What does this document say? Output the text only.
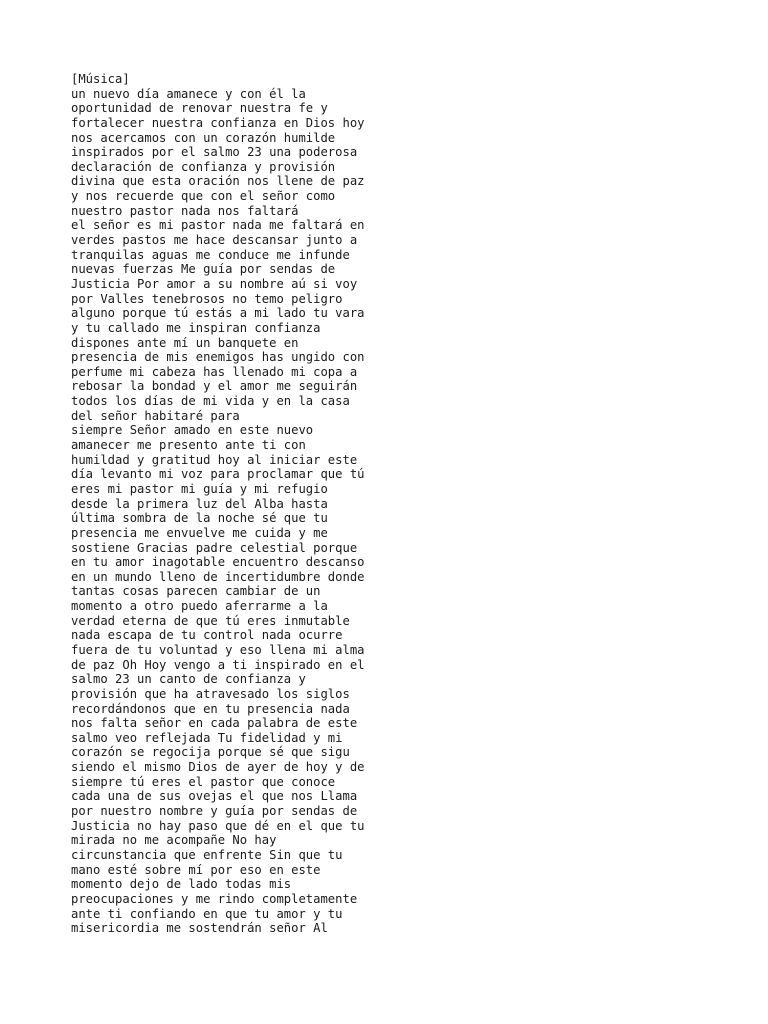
[Música]
un nuevo día amanece y con él la
oportunidad de renovar nuestra fe y
fortalecer nuestra confianza en Dios hoy
nos acercamos con un corazón humilde
inspirados por el salmo 23 una poderosa
declaración de confianza y provisión
divina que esta oración nos llene de paz
y nos recuerde que con el señor como
nuestro pastor nada nos faltará
el señor es mi pastor nada me faltará en
verdes pastos me hace descansar junto a
tranquilas aguas me conduce me infunde
nuevas fuerzas Me guía por sendas de
Justicia Por amor a su nombre aú si voy
por Valles tenebrosos no temo peligro
alguno porque tú estás a mi lado tu vara
y tu callado me inspiran confianza
dispones ante mí un banquete en
presencia de mis enemigos has ungido con
perfume mi cabeza has llenado mi copa a
rebosar la bondad y el amor me seguirán
todos los días de mi vida y en la casa
del señor habitaré para
siempre Señor amado en este nuevo
amanecer me presento ante ti con
humildad y gratitud hoy al iniciar este
día levanto mi voz para proclamar que tú
eres mi pastor mi guía y mi refugio
desde la primera luz del Alba hasta
última sombra de la noche sé que tu
presencia me envuelve me cuida y me
sostiene Gracias padre celestial porque
en tu amor inagotable encuentro descanso
en un mundo lleno de incertidumbre donde
tantas cosas parecen cambiar de un
momento a otro puedo aferrarme a la
verdad eterna de que tú eres inmutable
nada escapa de tu control nada ocurre
fuera de tu voluntad y eso llena mi alma
de paz Oh Hoy vengo a ti inspirado en el
salmo 23 un canto de confianza y
provisión que ha atravesado los siglos
recordándonos que en tu presencia nada
nos falta señor en cada palabra de este
salmo veo reflejada Tu fidelidad y mi
corazón se regocija porque sé que sigu
siendo el mismo Dios de ayer de hoy y de
siempre tú eres el pastor que conoce
cada una de sus ovejas el que nos Llama
por nuestro nombre y guía por sendas de
Justicia no hay paso que dé en el que tu
mirada no me acompañe No hay
circunstancia que enfrente Sin que tu
mano esté sobre mí por eso en este
momento dejo de lado todas mis
preocupaciones y me rindo completamente
ante ti confiando en que tu amor y tu
misericordia me sostendrán señor Al
